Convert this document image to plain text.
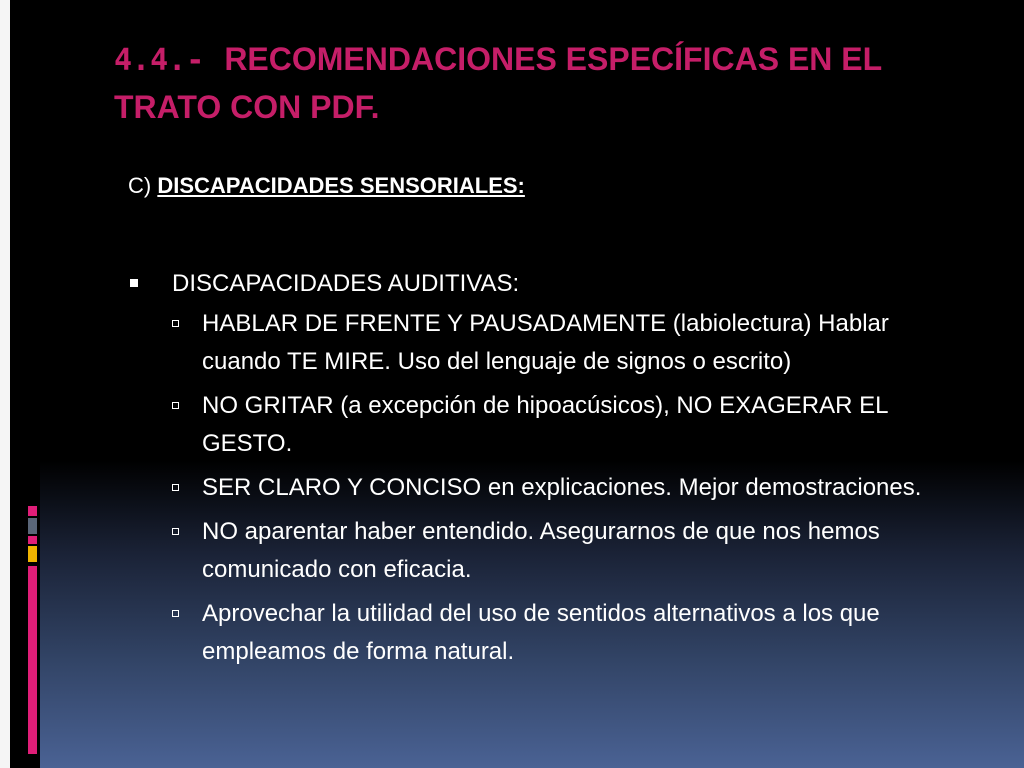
4.4.- RECOMENDACIONES ESPECÍFICAS EN EL TRATO CON PDF.
C) DISCAPACIDADES SENSORIALES:
DISCAPACIDADES AUDITIVAS:
HABLAR DE FRENTE Y PAUSADAMENTE (labiolectura) Hablar cuando TE MIRE. Uso del lenguaje de signos o escrito)
NO GRITAR (a excepción de hipoacúsicos), NO EXAGERAR EL GESTO.
SER CLARO Y CONCISO en explicaciones. Mejor demostraciones.
NO aparentar haber entendido. Asegurarnos de que nos hemos comunicado con eficacia.
Aprovechar la utilidad del uso de sentidos alternativos a los que empleamos de forma natural.
